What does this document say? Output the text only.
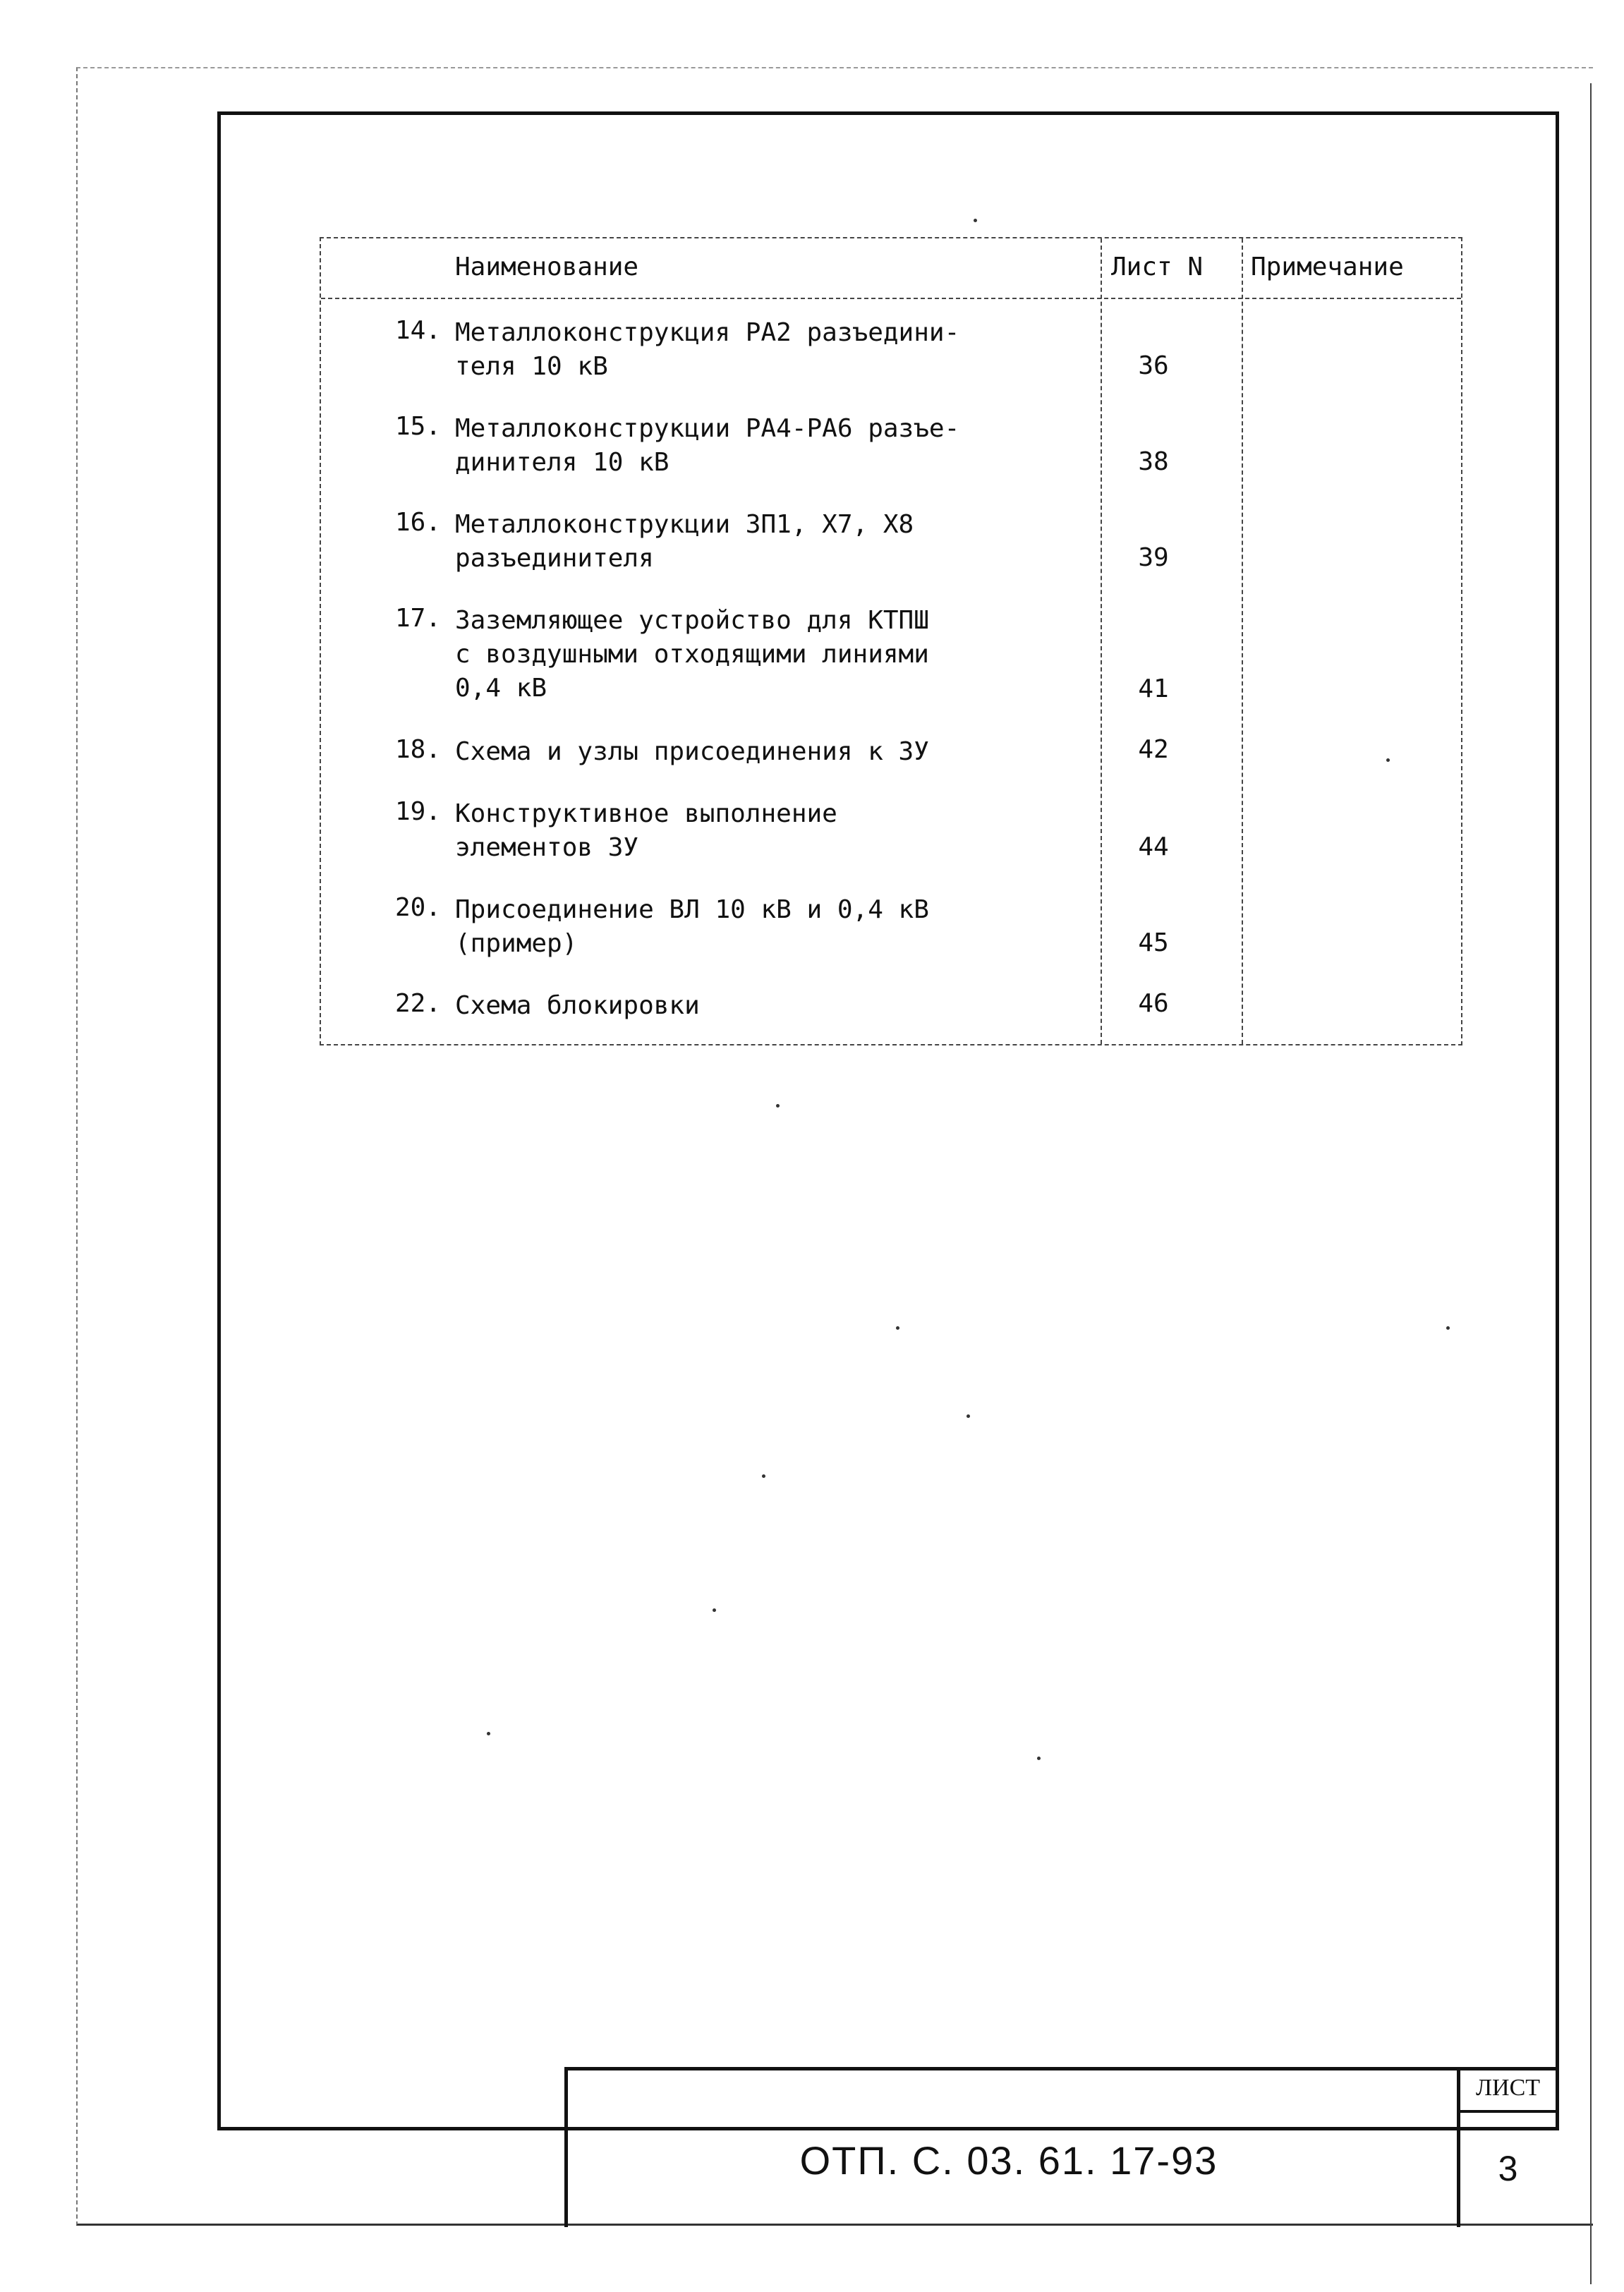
Наименование	Лист N Примечание
14. Металлоконструкция РА2 разъедини-
теля 10 кВ	36
15. Металлоконструкции РА4-РА6 разъе-
динителя 10 кВ	38
16. Металлоконструкции ЗП1, Х7, Х8
разъединителя	39
17. Заземляющее устройство для КТПШ
с воздушными отходящими линиями
0,4 кВ	41
18. Схема и узлы присоединения к ЗУ	42
19. Конструктивное выполнение
элементов ЗУ	44
20. Присоединение ВЛ 10 кВ и 0,4 кВ
(пример)	45
22. Схема блокировки	46
ОТП. С. 03. 61. 17-93
ЛИСТ
3
